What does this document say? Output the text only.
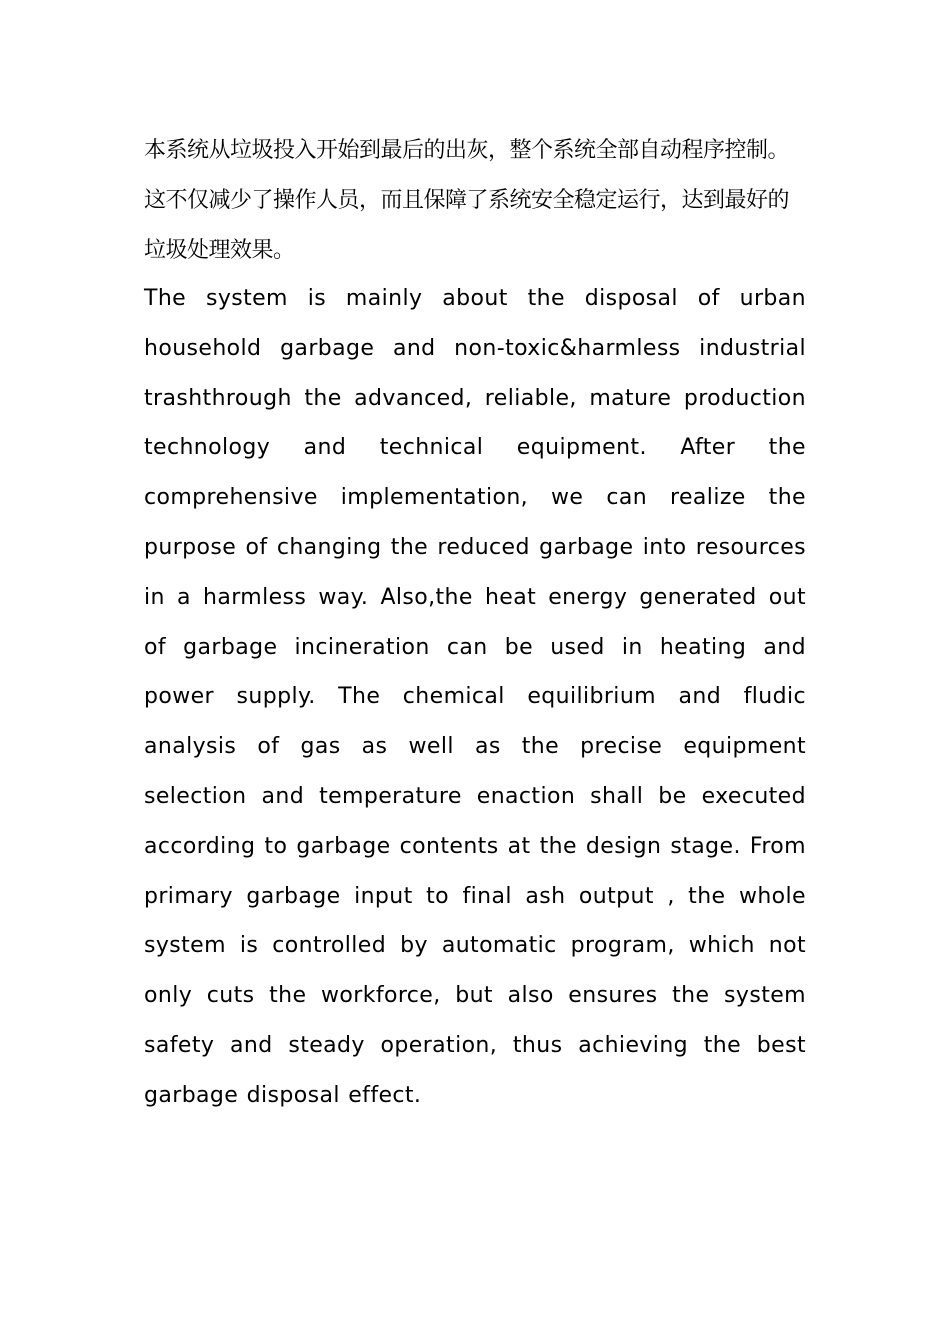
本系统从垃圾投入开始到最后的出灰，整个系统全部自动程序控制。这不仅减少了操作人员，而且保障了系统安全稳定运行，达到最好的垃圾处理效果。

The system is mainly about the disposal of urban household garbage and non-toxic&harmless industrial trashthrough the advanced, reliable, mature production technology and technical equipment. After the comprehensive implementation, we can realize the purpose of changing the reduced garbage into resources in a harmless way. Also,the heat energy generated out of garbage incineration can be used in heating and power supply. The chemical equilibrium and fludic analysis of gas as well as the precise equipment selection and temperature enaction shall be executed according to garbage contents at the design stage. From primary garbage input to final ash output , the whole system is controlled by automatic program, which not only cuts the workforce, but also ensures the system safety and steady operation, thus achieving the best garbage disposal effect.
